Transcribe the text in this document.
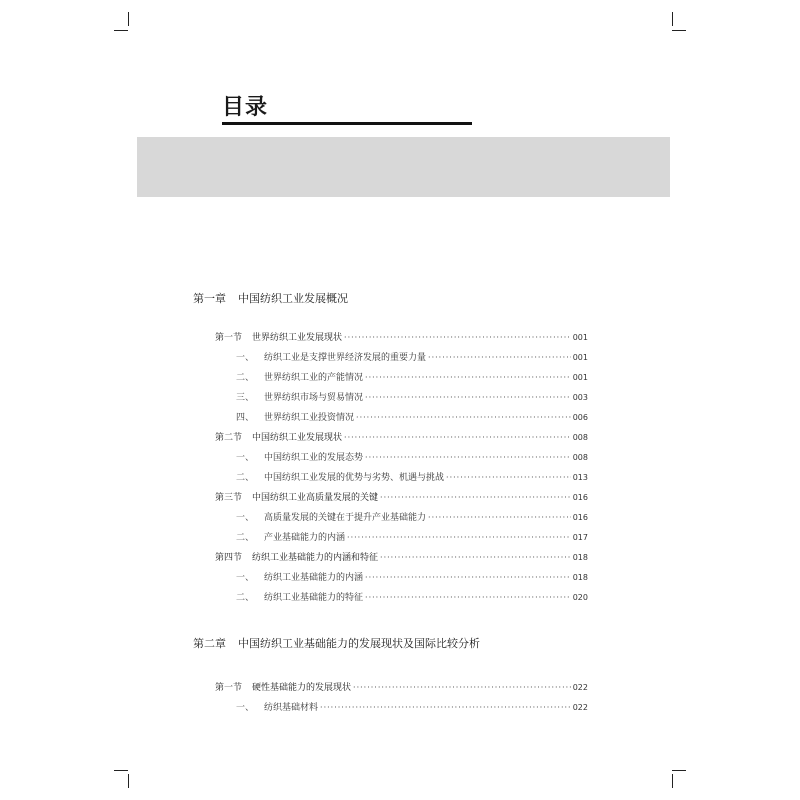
目录
第一章 中国纺织工业发展概况
第一节 世界纺织工业发展现状 ·····	001
一、 纺织工业是支撑世界经济发展的重要力量 ·····	001
二、 世界纺织工业的产能情况 ·····	001
三、 世界纺织市场与贸易情况 ·····	003
四、 世界纺织工业投资情况 ·····	006
第二节 中国纺织工业发展现状 ·····	008
一、 中国纺织工业的发展态势 ·····	008
二、 中国纺织工业发展的优势与劣势、机遇与挑战 ·····	013
第三节 中国纺织工业高质量发展的关键 ·····	016
一、 高质量发展的关键在于提升产业基础能力 ·····	016
二、 产业基础能力的内涵 ·····	017
第四节 纺织工业基础能力的内涵和特征 ·····	018
一、 纺织工业基础能力的内涵 ·····	018
二、 纺织工业基础能力的特征 ·····	020
第二章 中国纺织工业基础能力的发展现状及国际比较分析
第一节 硬性基础能力的发展现状 ·····	022
一、 纺织基础材料 ·····	022
